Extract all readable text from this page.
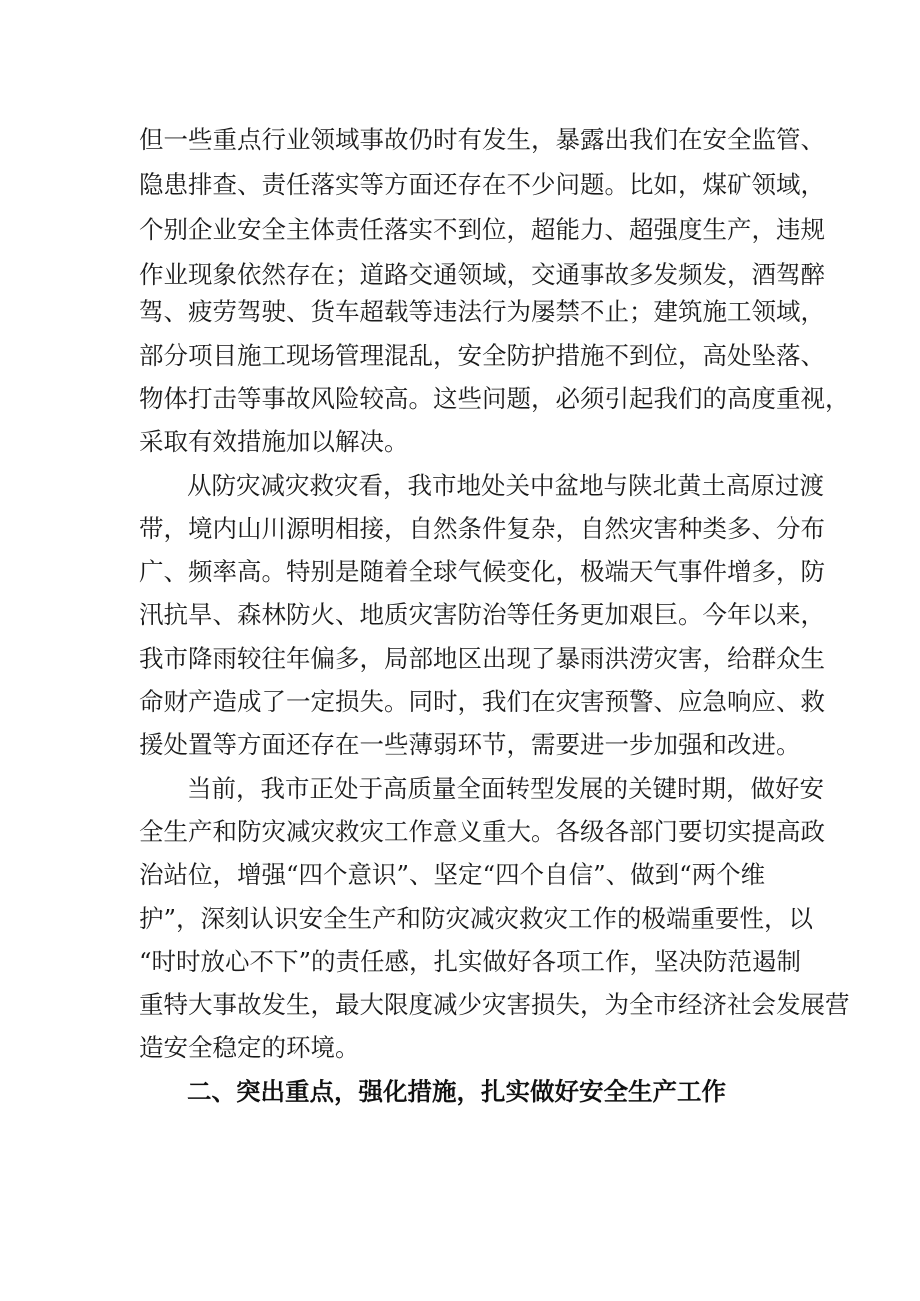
但一些重点行业领域事故仍时有发生，暴露出我们在安全监管、
隐患排查、责任落实等方面还存在不少问题。比如，煤矿领域，
个别企业安全主体责任落实不到位，超能力、超强度生产，违规
作业现象依然存在；道路交通领域，交通事故多发频发，酒驾醉
驾、疲劳驾驶、货车超载等违法行为屡禁不止；建筑施工领域，
部分项目施工现场管理混乱，安全防护措施不到位，高处坠落、
物体打击等事故风险较高。这些问题，必须引起我们的高度重视，
采取有效措施加以解决。
从防灾减灾救灾看，我市地处关中盆地与陕北黄土高原过渡
带，境内山川源明相接，自然条件复杂，自然灾害种类多、分布
广、频率高。特别是随着全球气候变化，极端天气事件增多，防
汛抗旱、森林防火、地质灾害防治等任务更加艰巨。今年以来，
我市降雨较往年偏多，局部地区出现了暴雨洪涝灾害，给群众生
命财产造成了一定损失。同时，我们在灾害预警、应急响应、救
援处置等方面还存在一些薄弱环节，需要进一步加强和改进。
当前，我市正处于高质量全面转型发展的关键时期，做好安
全生产和防灾减灾救灾工作意义重大。各级各部门要切实提高政
治站位，增强“四个意识”、坚定“四个自信”、做到“两个维
护”，深刻认识安全生产和防灾减灾救灾工作的极端重要性，以
“时时放心不下”的责任感，扎实做好各项工作，坚决防范遏制
重特大事故发生，最大限度减少灾害损失，为全市经济社会发展营
造安全稳定的环境。
二、突出重点，强化措施，扎实做好安全生产工作
